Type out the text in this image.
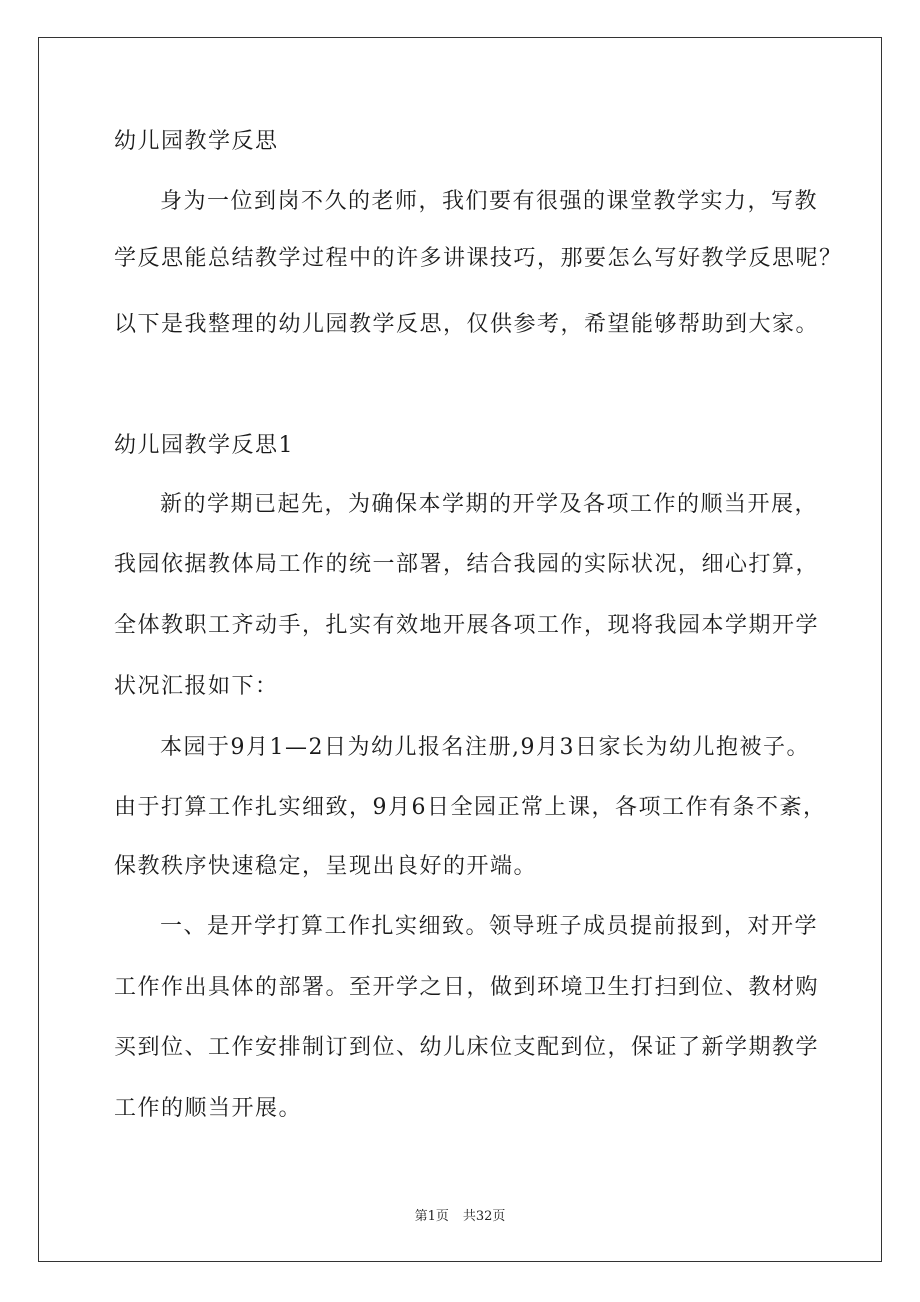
幼儿园教学反思
身为一位到岗不久的老师，我们要有很强的课堂教学实力，写教
学反思能总结教学过程中的许多讲课技巧，那要怎么写好教学反思呢？
以下是我整理的幼儿园教学反思，仅供参考，希望能够帮助到大家。
幼儿园教学反思1
新的学期已起先，为确保本学期的开学及各项工作的顺当开展，
我园依据教体局工作的统一部署，结合我园的实际状况，细心打算，
全体教职工齐动手，扎实有效地开展各项工作，现将我园本学期开学
状况汇报如下：
本园于9月1—2日为幼儿报名注册,9月3日家长为幼儿抱被子。
由于打算工作扎实细致，9月6日全园正常上课，各项工作有条不紊，
保教秩序快速稳定，呈现出良好的开端。
一、是开学打算工作扎实细致。领导班子成员提前报到，对开学
工作作出具体的部署。至开学之日，做到环境卫生打扫到位、教材购
买到位、工作安排制订到位、幼儿床位支配到位，保证了新学期教学
工作的顺当开展。
第1页 共32页
